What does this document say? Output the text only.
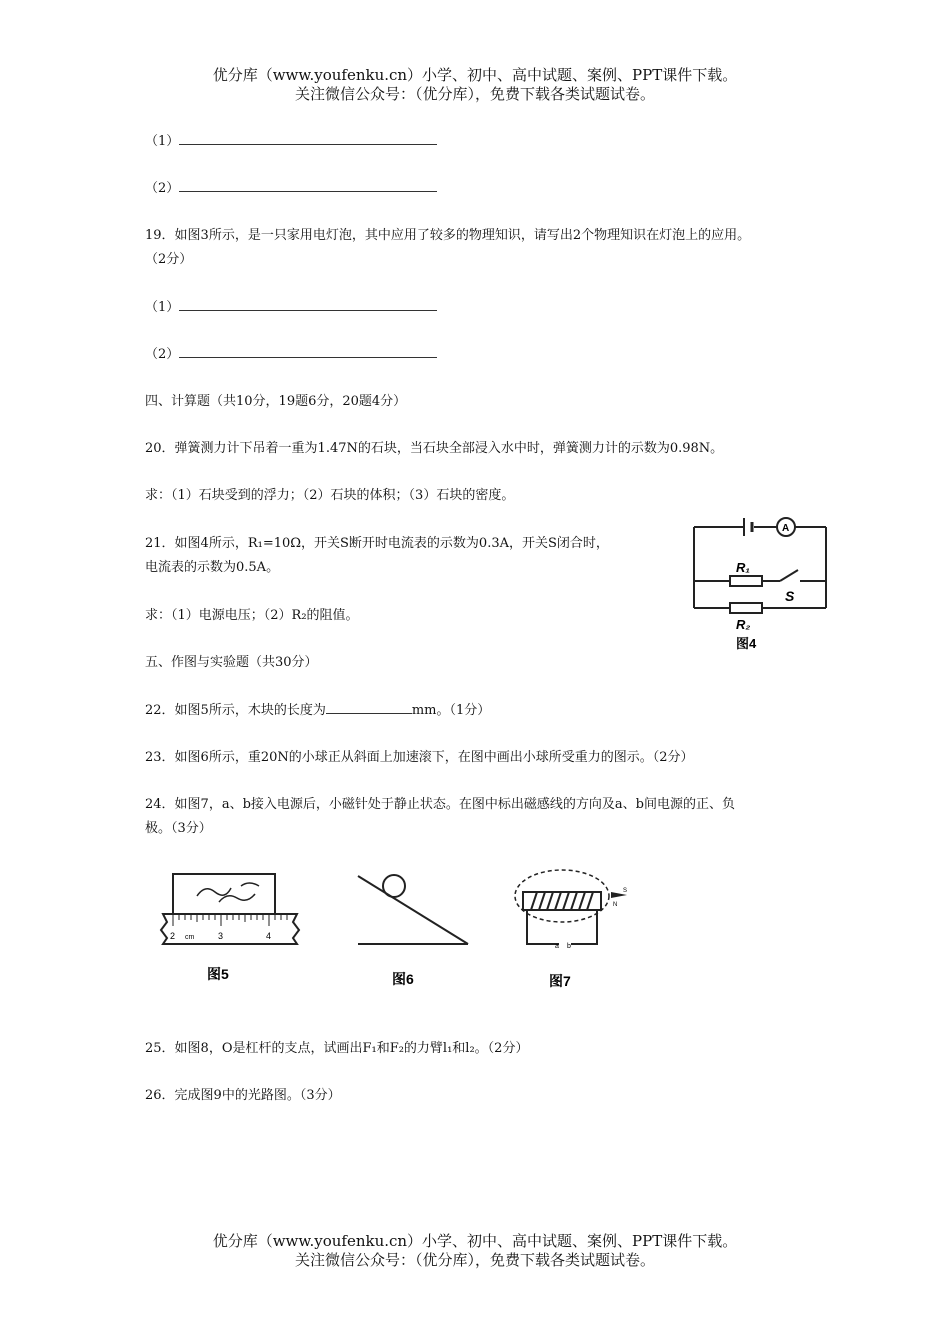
优分库（www.youfenku.cn）小学、初中、高中试题、案例、PPT课件下载。
关注微信公众号：（优分库），免费下载各类试题试卷。
（1）
（2）
19．如图3所示，是一只家用电灯泡，其中应用了较多的物理知识，请写出2个物理知识在灯泡上的应用。
（2分）
（1）
（2）
四、计算题（共10分，19题6分，20题4分）
20．弹簧测力计下吊着一重为1.47N的石块，当石块全部浸入水中时，弹簧测力计的示数为0.98N。
求：（1）石块受到的浮力；（2）石块的体积；（3）石块的密度。
21．如图4所示，R₁=10Ω，开关S断开时电流表的示数为0.3A，开关S闭合时，
电流表的示数为0.5A。
求：（1）电源电压；（2）R₂的阻值。
A
R₁
S
R₂
图4
五、作图与实验题（共30分）
22．如图5所示，木块的长度为	mm。（1分）
23．如图6所示，重20N的小球正从斜面上加速滚下，在图中画出小球所受重力的图示。（2分）
24．如图7，a、b接入电源后，小磁针处于静止状态。在图中标出磁感线的方向及a、b间电源的正、负
极。（3分）
2 cm	3	4
图5	图6
N
S
a b
图7
25．如图8，O是杠杆的支点，试画出F₁和F₂的力臂l₁和l₂。（2分）
26．完成图9中的光路图。（3分）
优分库（www.youfenku.cn）小学、初中、高中试题、案例、PPT课件下载。
关注微信公众号：（优分库），免费下载各类试题试卷。
